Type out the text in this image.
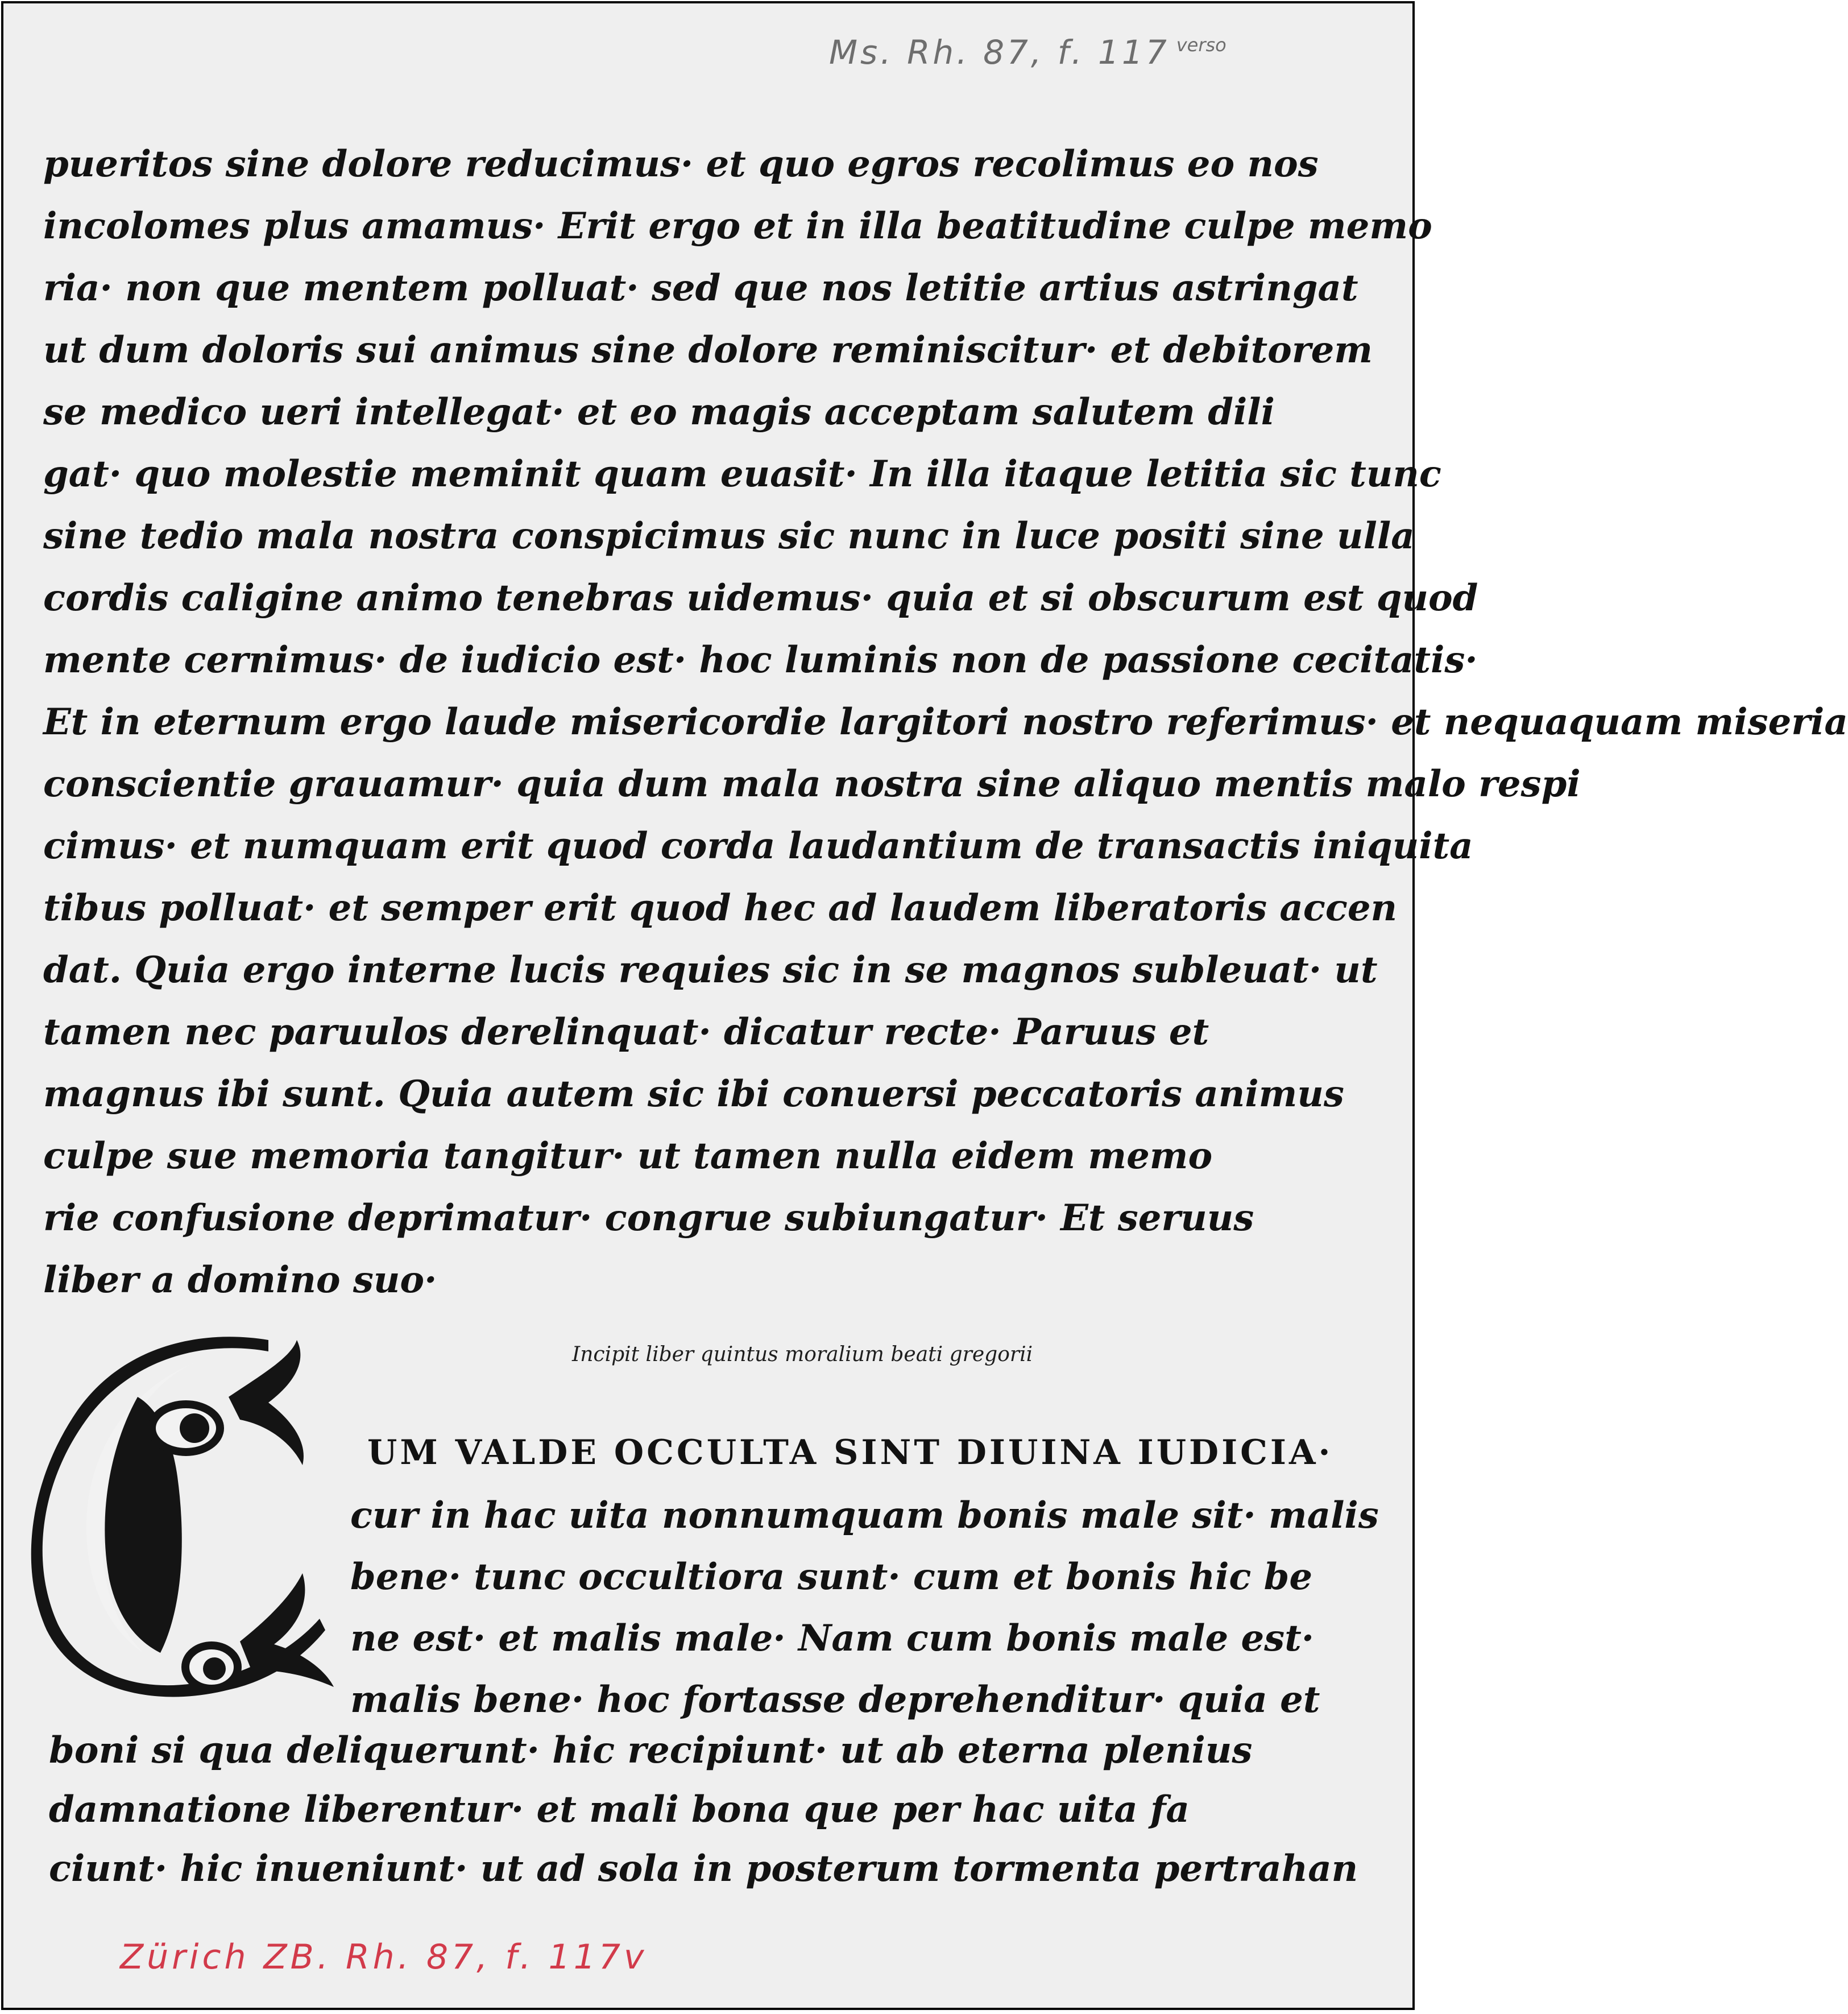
Ms. Rh. 87, f. 117 verso
pueritos sine dolore reducimus· et quo egros recolimus eo nos
incolomes plus amamus· Erit ergo et in illa beatitudine culpe memo
ria· non que mentem polluat· sed que nos letitie artius astringat
ut dum doloris sui animus sine dolore reminiscitur· et debitorem
se medico ueri intellegat· et eo magis acceptam salutem dili
gat· quo molestie meminit quam euasit· In illa itaque letitia sic tunc
sine tedio mala nostra conspicimus sic nunc in luce positi sine ulla
cordis caligine animo tenebras uidemus· quia et si obscurum est quod
mente cernimus· de iudicio est· hoc luminis non de passione cecitatis·
Et in eternum ergo laude misericordie largitori nostro referimus· et nequaquam miseria
conscientie grauamur· quia dum mala nostra sine aliquo mentis malo respi
cimus· et numquam erit quod corda laudantium de transactis iniquita
tibus polluat· et semper erit quod hec ad laudem liberatoris accen
dat. Quia ergo interne lucis requies sic in se magnos subleuat· ut
tamen nec paruulos derelinquat· dicatur recte· Paruus et
magnus ibi sunt. Quia autem sic ibi conuersi peccatoris animus
culpe sue memoria tangitur· ut tamen nulla eidem memo
rie confusione deprimatur· congrue subiungatur· Et seruus
liber a domino suo·
Incipit liber quintus moralium beati gregorii
UM VALDE OCCULTA SINT DIUINA IUDICIA·
cur in hac uita nonnumquam bonis male sit· malis
bene· tunc occultiora sunt· cum et bonis hic be
ne est· et malis male· Nam cum bonis male est·
malis bene· hoc fortasse deprehenditur· quia et
boni si qua deliquerunt· hic recipiunt· ut ab eterna plenius
damnatione liberentur· et mali bona que per hac uita fa
ciunt· hic inueniunt· ut ad sola in posterum tormenta pertrahan
Zürich ZB. Rh. 87, f. 117v
